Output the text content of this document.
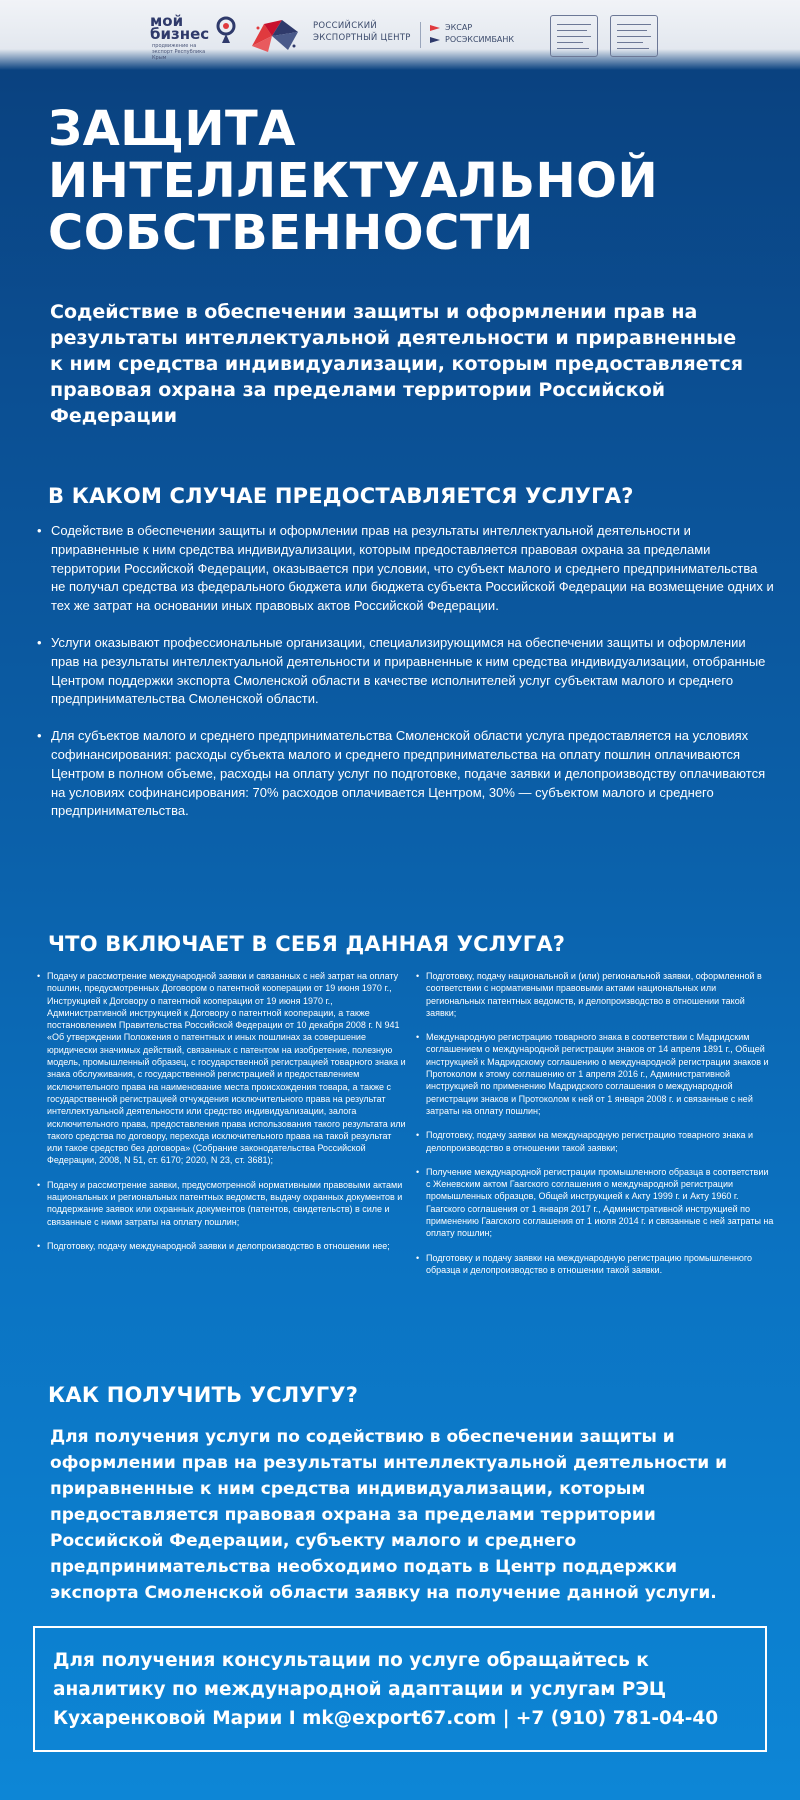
мой
бизнес
продвижение на экспорт Республика Крым
РОССИЙСКИЙ
ЭКСПОРТНЫЙ ЦЕНТР
ЭКСАР
РОСЭКСИМБАНК
ЗАЩИТА
ИНТЕЛЛЕКТУАЛЬНОЙ
СОБСТВЕННОСТИ

Содействие в обеспечении защиты и оформлении прав на результаты интеллектуальной деятельности и приравненные к ним средства индивидуализации, которым предоставляется правовая охрана за пределами территории Российской Федерации

В КАКОМ СЛУЧАЕ ПРЕДОСТАВЛЯЕТСЯ УСЛУГА?
• Содействие в обеспечении защиты и оформлении прав на результаты интеллектуальной деятельности и приравненные к ним средства индивидуализации, которым предоставляется правовая охрана за пределами территории Российской Федерации, оказывается при условии, что субъект малого и среднего предпринимательства не получал средства из федерального бюджета или бюджета субъекта Российской Федерации на возмещение одних и тех же затрат на основании иных правовых актов Российской Федерации.
• Услуги оказывают профессиональные организации, специализирующимся на обеспечении защиты и оформлении прав на результаты интеллектуальной деятельности и приравненные к ним средства индивидуализации, отобранные Центром поддержки экспорта Смоленской области в качестве исполнителей услуг субъектам малого и среднего предпринимательства Смоленской области.
• Для субъектов малого и среднего предпринимательства Смоленской области услуга предоставляется на условиях софинансирования: расходы субъекта малого и среднего предпринимательства на оплату пошлин оплачиваются Центром в полном объеме, расходы на оплату услуг по подготовке, подаче заявки и делопроизводству оплачиваются на условиях софинансирования: 70% расходов оплачивается Центром, 30% — субъектом малого и среднего предпринимательства.
ЧТО ВКЛЮЧАЕТ В СЕБЯ ДАННАЯ УСЛУГА?
• Подачу и рассмотрение международной заявки и связанных с ней затрат на оплату пошлин, предусмотренных Договором о патентной кооперации от 19 июня 1970 г., Инструкцией к Договору о патентной кооперации от 19 июня 1970 г., Административной инструкцией к Договору о патентной кооперации, а также постановлением Правительства Российской Федерации от 10 декабря 2008 г. N 941 «Об утверждении Положения о патентных и иных пошлинах за совершение юридически значимых действий, связанных с патентом на изобретение, полезную модель, промышленный образец, с государственной регистрацией товарного знака и знака обслуживания, с государственной регистрацией и предоставлением исключительного права на наименование места происхождения товара, а также с государственной регистрацией отчуждения исключительного права на результат интеллектуальной деятельности или средство индивидуализации, залога исключительного права, предоставления права использования такого результата или такого средства по договору, перехода исключительного права на такой результат или такое средство без договора» (Собрание законодательства Российской Федерации, 2008, N 51, ст. 6170; 2020, N 23, ст. 3681);
• Подачу и рассмотрение заявки, предусмотренной нормативными правовыми актами национальных и региональных патентных ведомств, выдачу охранных документов и поддержание заявок или охранных документов (патентов, свидетельств) в силе и связанные с ними затраты на оплату пошлин;
• Подготовку, подачу международной заявки и делопроизводство в отношении нее;
• Подготовку, подачу национальной и (или) региональной заявки, оформленной в соответствии с нормативными правовыми актами национальных или региональных патентных ведомств, и делопроизводство в отношении такой заявки;
• Международную регистрацию товарного знака в соответствии с Мадридским соглашением о международной регистрации знаков от 14 апреля 1891 г., Общей инструкцией к Мадридскому соглашению о международной регистрации знаков и Протоколом к этому соглашению от 1 апреля 2016 г., Административной инструкцией по применению Мадридского соглашения о международной регистрации знаков и Протоколом к ней от 1 января 2008 г. и связанные с ней затраты на оплату пошлин;
• Подготовку, подачу заявки на международную регистрацию товарного знака и делопроизводство в отношении такой заявки;
• Получение международной регистрации промышленного образца в соответствии с Женевским актом Гаагского соглашения о международной регистрации промышленных образцов, Общей инструкцией к Акту 1999 г. и Акту 1960 г. Гаагского соглашения от 1 января 2017 г., Административной инструкцией по применению Гаагского соглашения от 1 июля 2014 г. и связанные с ней затраты на оплату пошлин;
• Подготовку и подачу заявки на международную регистрацию промышленного образца и делопроизводство в отношении такой заявки.
КАК ПОЛУЧИТЬ УСЛУГУ?

Для получения услуги по содействию в обеспечении защиты и оформлении прав на результаты интеллектуальной деятельности и приравненные к ним средства индивидуализации, которым предоставляется правовая охрана за пределами территории Российской Федерации, субъекту малого и среднего предпринимательства необходимо подать в Центр поддержки экспорта Смоленской области заявку на получение данной услуги.

Для получения консультации по услуге обращайтесь к аналитику по международной адаптации и услугам РЭЦ Кухаренковой Марии I mk@export67.com | +7 (910) 781-04-40
